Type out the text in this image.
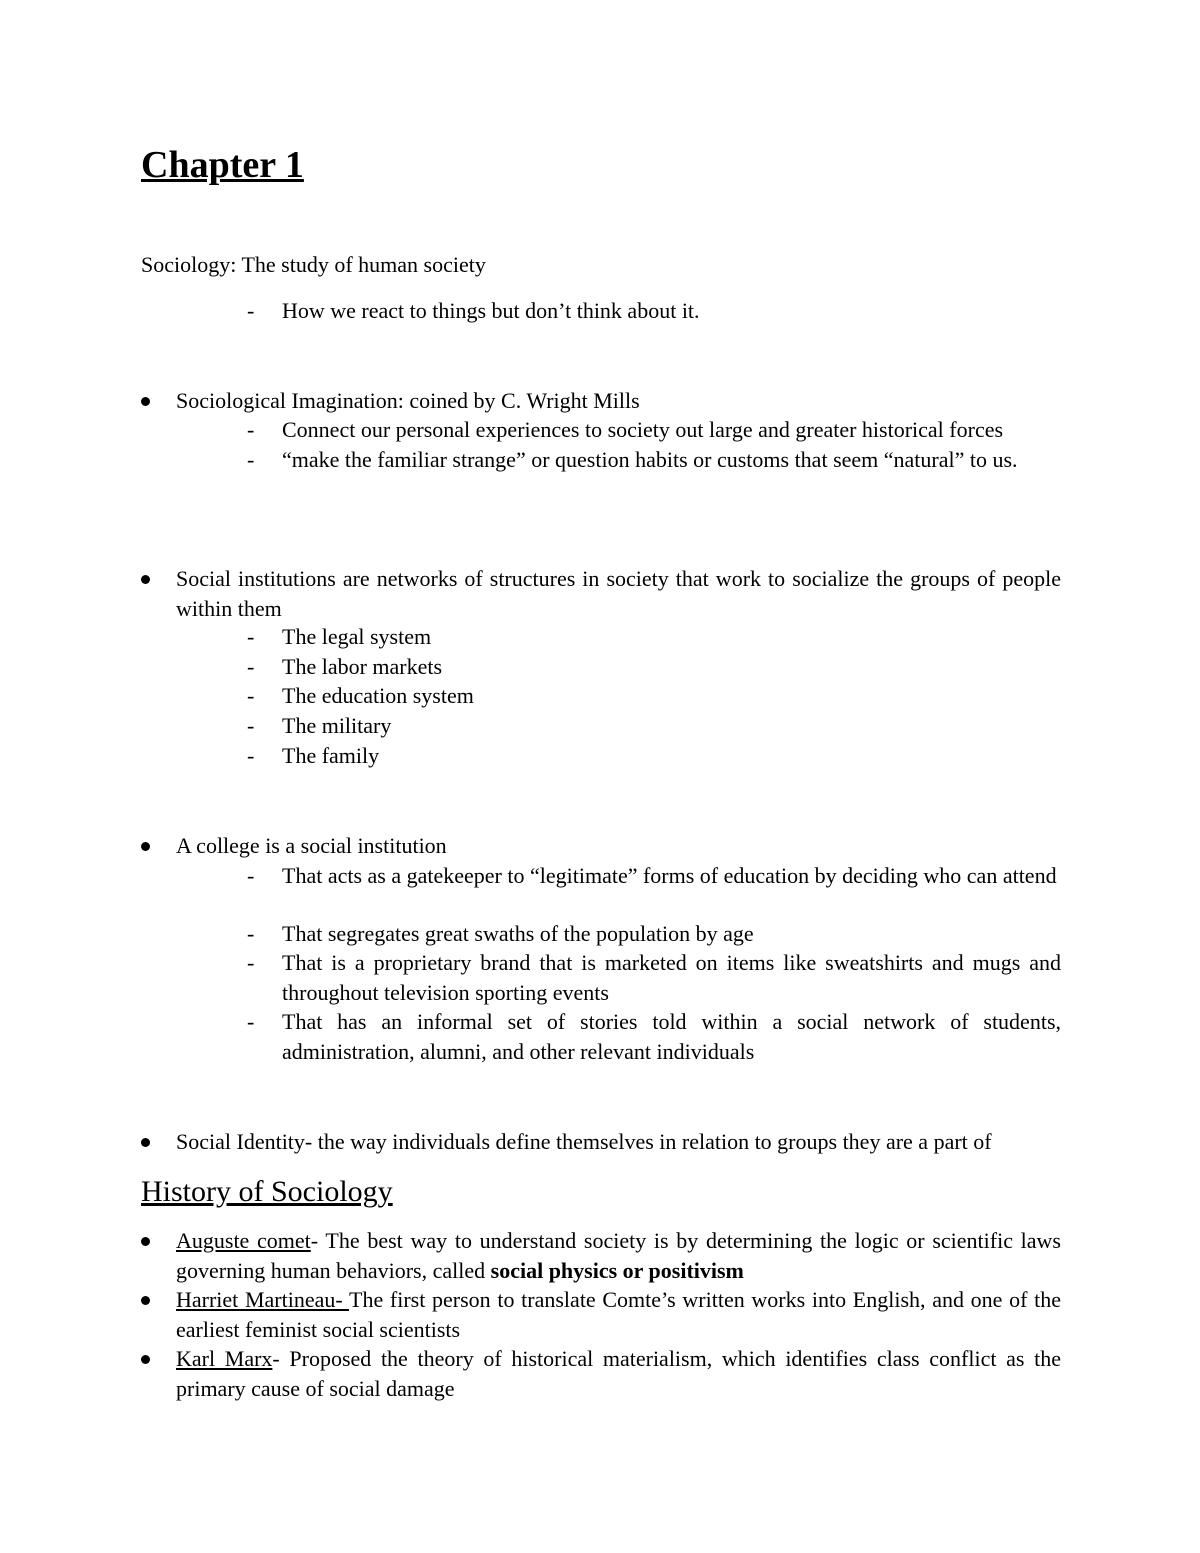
Chapter 1
Sociology: The study of human society
- How we react to things but don’t think about it.
Sociological Imagination: coined by C. Wright Mills
- Connect our personal experiences to society out large and greater historical forces
- “make the familiar strange” or question habits or customs that seem “natural” to us.
Social institutions are networks of structures in society that work to socialize the groups of people within them
- The legal system
- The labor markets
- The education system
- The military
- The family
A college is a social institution
- That acts as a gatekeeper to “legitimate” forms of education by deciding who can attend
- That segregates great swaths of the population by age
- That is a proprietary brand that is marketed on items like sweatshirts and mugs and throughout television sporting events
- That has an informal set of stories told within a social network of students, administration, alumni, and other relevant individuals
Social Identity- the way individuals define themselves in relation to groups they are a part of
History of Sociology
Auguste comet- The best way to understand society is by determining the logic or scientific laws governing human behaviors, called social physics or positivism
Harriet Martineau- The first person to translate Comte’s written works into English, and one of the earliest feminist social scientists
Karl Marx- Proposed the theory of historical materialism, which identifies class conflict as the primary cause of social damage
